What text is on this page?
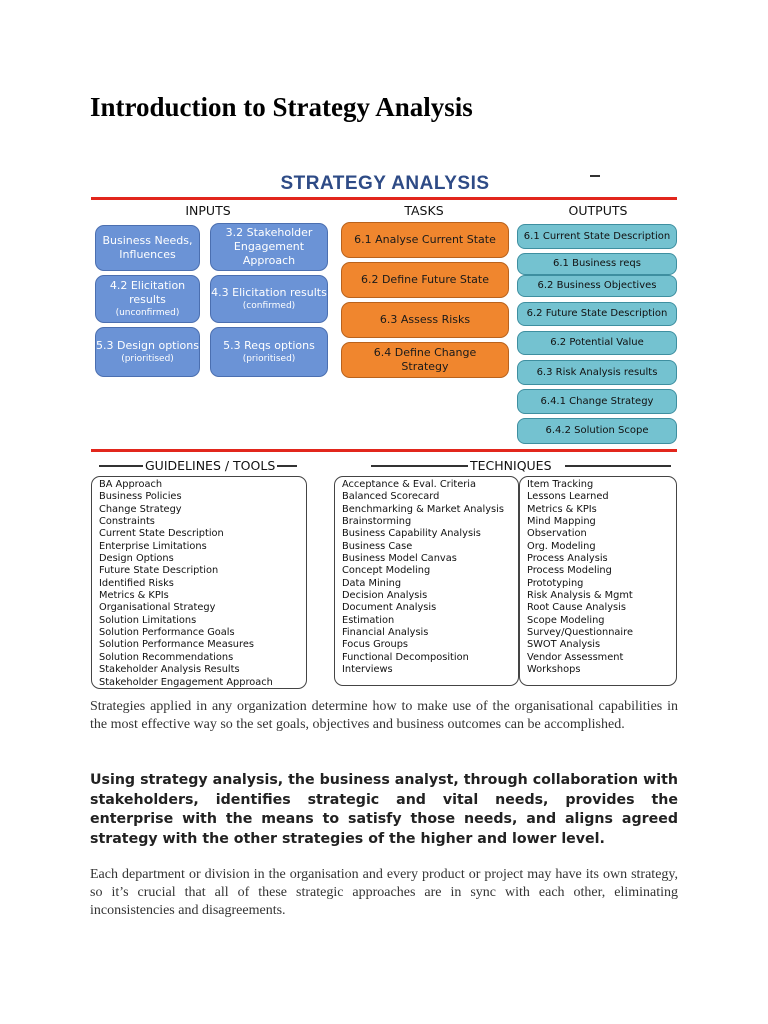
Introduction to Strategy Analysis
STRATEGY ANALYSIS
INPUTS	TASKS	OUTPUTS
Business Needs, Influences
3.2 Stakeholder Engagement Approach
4.2 Elicitation results
(unconfirmed)
4.3 Elicitation results
(confirmed)
5.3 Design options
(prioritised)
5.3 Reqs options
(prioritised)
6.1 Analyse Current State
6.2 Define Future State
6.3 Assess Risks
6.4 Define Change Strategy
6.1 Current State Description
6.1 Business reqs
6.2 Business Objectives
6.2 Future State Description
6.2 Potential Value
6.3 Risk Analysis results
6.4.1 Change Strategy
6.4.2 Solution Scope
GUIDELINES / TOOLS	TECHNIQUES
BA Approach
Business Policies
Change Strategy
Constraints
Current State Description
Enterprise Limitations
Design Options
Future State Description
Identified Risks
Metrics & KPIs
Organisational Strategy
Solution Limitations
Solution Performance Goals
Solution Performance Measures
Solution Recommendations
Stakeholder Analysis Results
Stakeholder Engagement Approach
Acceptance & Eval. Criteria
Balanced Scorecard
Benchmarking & Market Analysis
Brainstorming
Business Capability Analysis
Business Case
Business Model Canvas
Concept Modeling
Data Mining
Decision Analysis
Document Analysis
Estimation
Financial Analysis
Focus Groups
Functional Decomposition
Interviews
Item Tracking
Lessons Learned
Metrics & KPIs
Mind Mapping
Observation
Org. Modeling
Process Analysis
Process Modeling
Prototyping
Risk Analysis & Mgmt
Root Cause Analysis
Scope Modeling
Survey/Questionnaire
SWOT Analysis
Vendor Assessment
Workshops

Strategies applied in any organization determine how to make use of the organisational capabilities in the most effective way so the set goals, objectives and business outcomes can be accomplished.

Using strategy analysis, the business analyst, through collaboration with stakeholders, identifies strategic and vital needs, provides the enterprise with the means to satisfy those needs, and aligns agreed strategy with the other strategies of the higher and lower level.

Each department or division in the organisation and every product or project may have its own strategy, so it’s crucial that all of these strategic approaches are in sync with each other, eliminating inconsistencies and disagreements.
